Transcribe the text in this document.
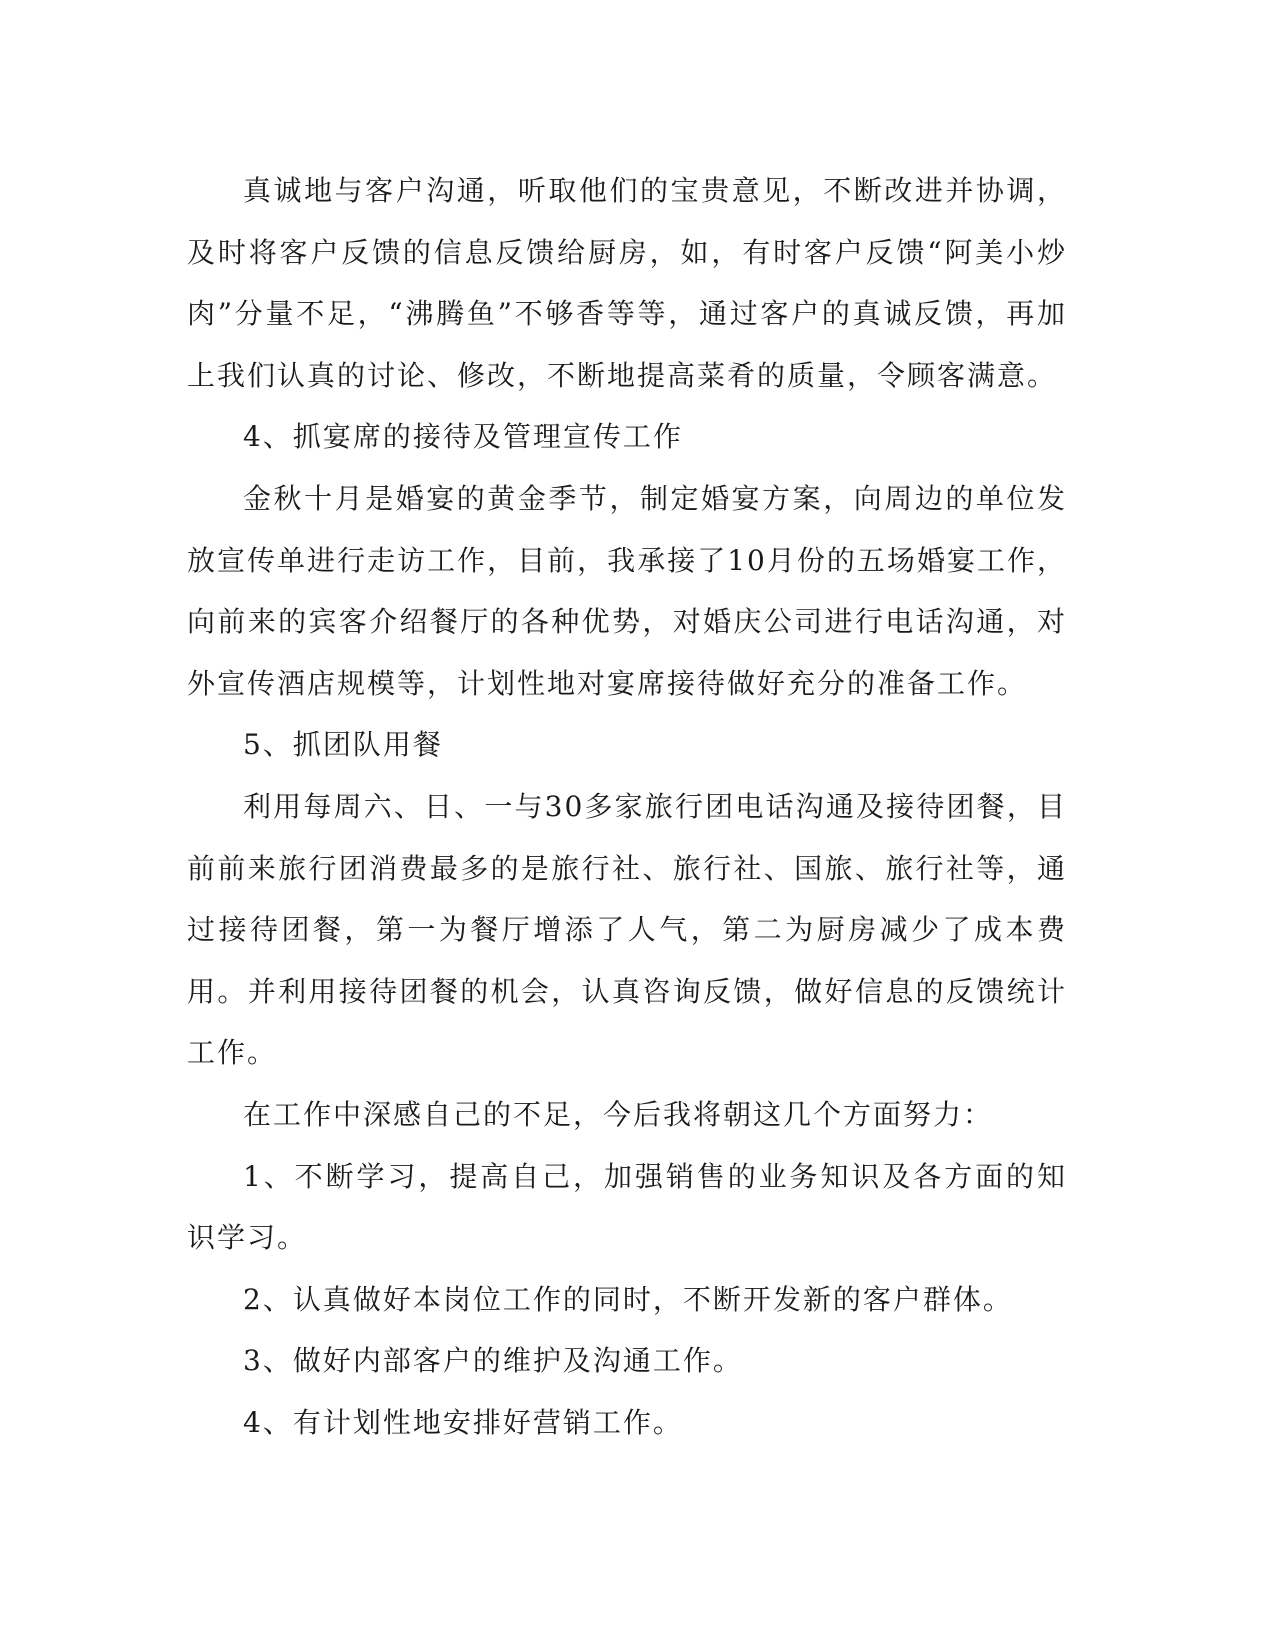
真诚地与客户沟通，听取他们的宝贵意见，不断改进并协调，及时将客户反馈的信息反馈给厨房，如，有时客户反馈“阿美小炒肉”分量不足，“沸腾鱼”不够香等等，通过客户的真诚反馈，再加上我们认真的讨论、修改，不断地提高菜肴的质量，令顾客满意。

4、抓宴席的接待及管理宣传工作

金秋十月是婚宴的黄金季节，制定婚宴方案，向周边的单位发放宣传单进行走访工作，目前，我承接了10月份的五场婚宴工作，向前来的宾客介绍餐厅的各种优势，对婚庆公司进行电话沟通，对外宣传酒店规模等，计划性地对宴席接待做好充分的准备工作。

5、抓团队用餐

利用每周六、日、一与30多家旅行团电话沟通及接待团餐，目前前来旅行团消费最多的是旅行社、旅行社、国旅、旅行社等，通过接待团餐，第一为餐厅增添了人气，第二为厨房减少了成本费用。并利用接待团餐的机会，认真咨询反馈，做好信息的反馈统计工作。

在工作中深感自己的不足，今后我将朝这几个方面努力：

1、不断学习，提高自己，加强销售的业务知识及各方面的知识学习。

2、认真做好本岗位工作的同时，不断开发新的客户群体。

3、做好内部客户的维护及沟通工作。

4、有计划性地安排好营销工作。
